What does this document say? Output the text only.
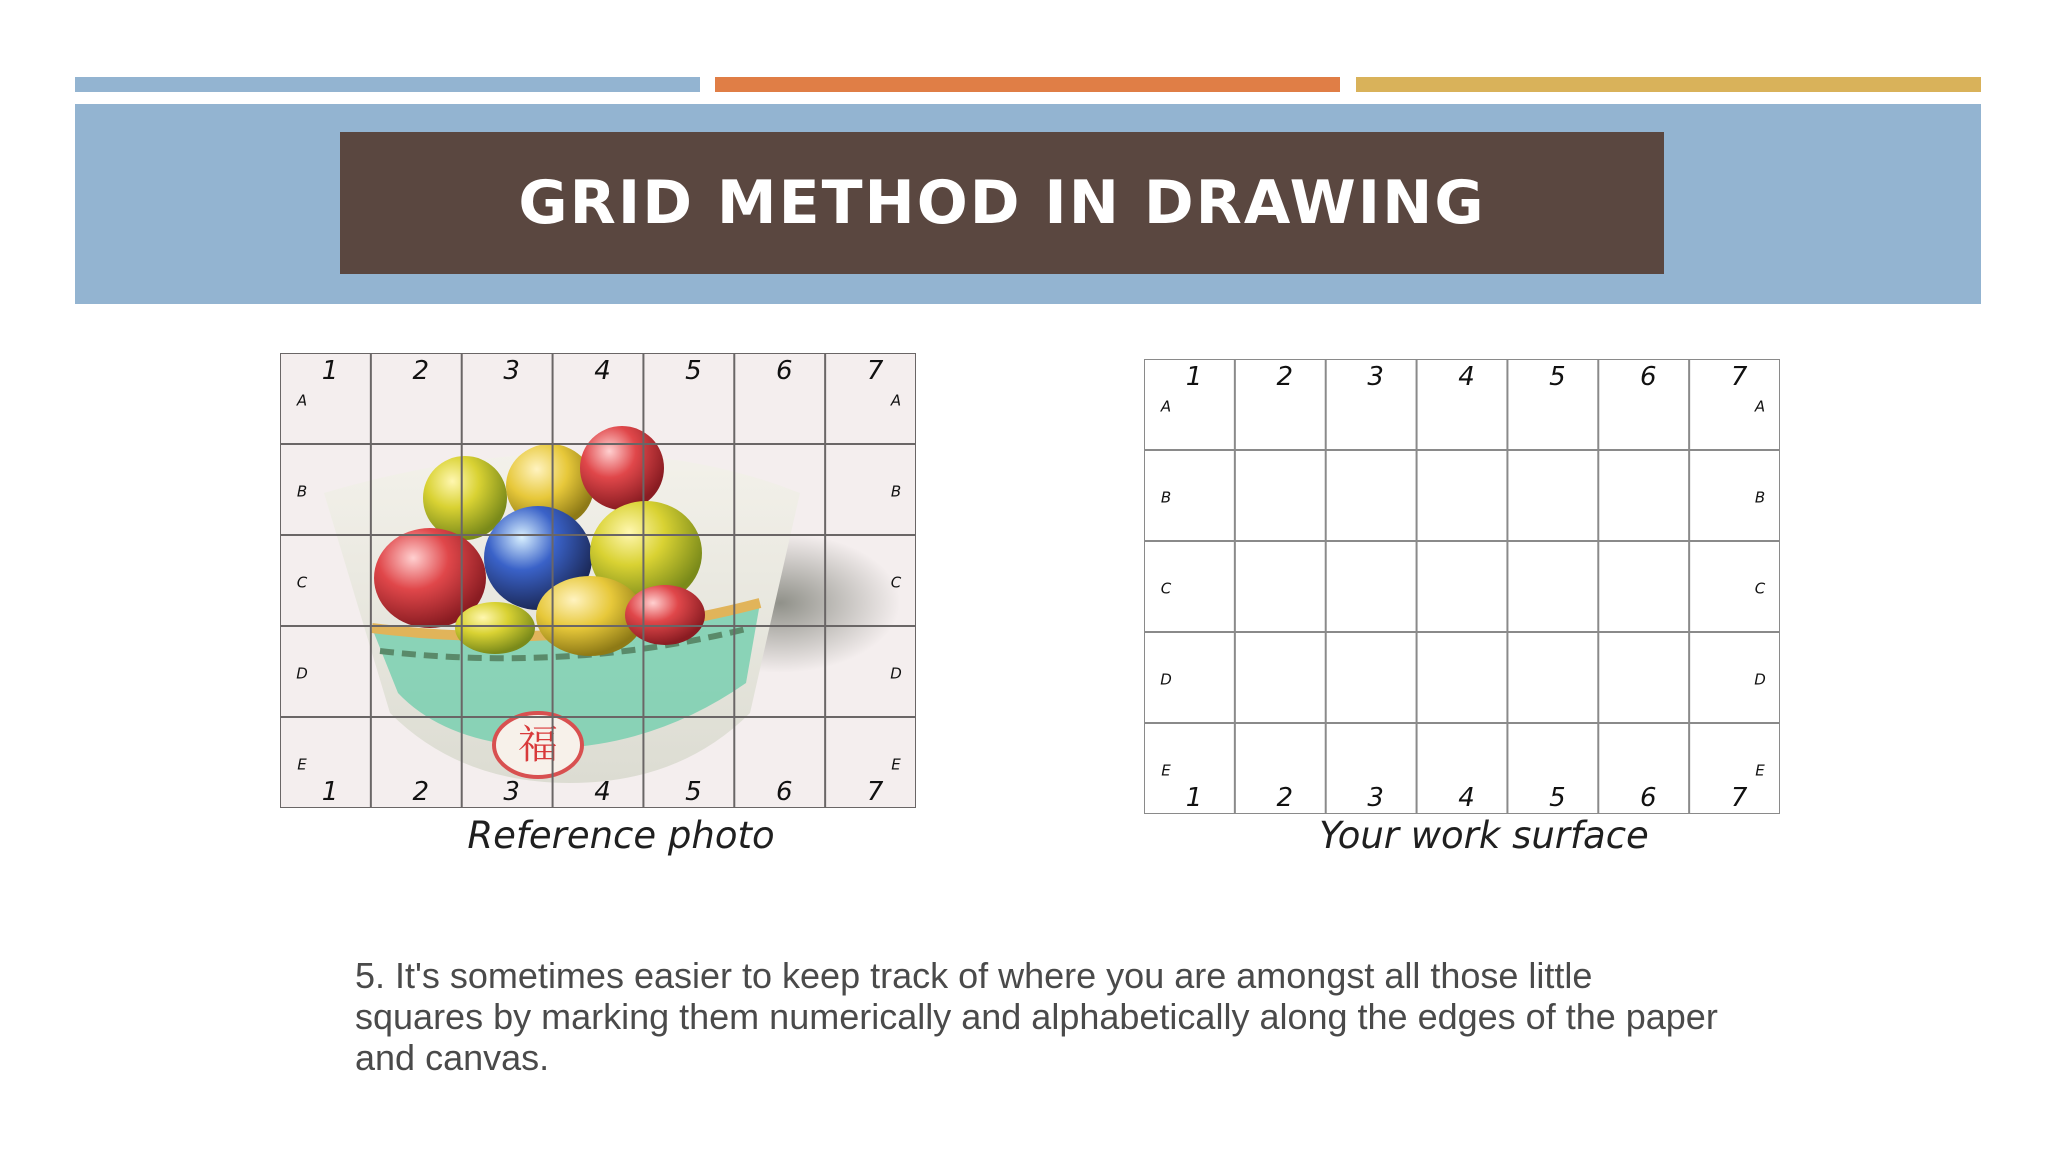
GRID METHOD IN DRAWING
福
1
1
2
2
3
3
4
4
5
5
6
6
7
7
A	A
B	B
C	C
D	D
E	E
1
1
2
2
3
3
4
4
5
5
6
6
7
7
A	A
B	B
C	C
D	D
E	E
Reference photo	Your work surface
5. It's sometimes easier to keep track of where you are amongst all those little
squares by marking them numerically and alphabetically along the edges of the paper
and canvas.
